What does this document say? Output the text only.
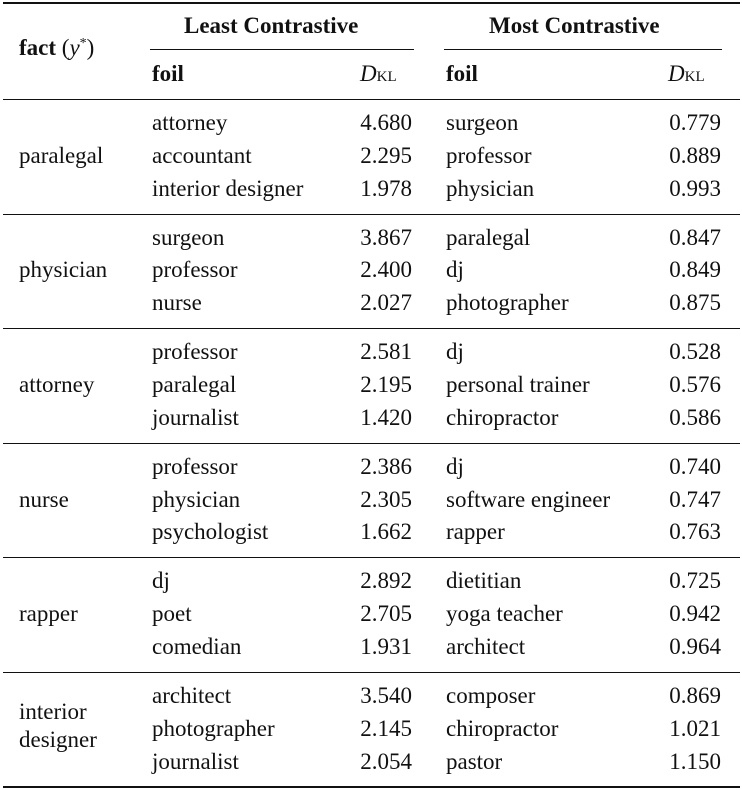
fact (y*)
Least Contrastive	Most Contrastive
foil	DKL foil	DKL
paralegal
attorney	4.680 surgeon	0.779
accountant	2.295 professor	0.889
interior designer	1.978 physician	0.993
physician
surgeon	3.867 paralegal	0.847
professor	2.400 dj	0.849
nurse	2.027 photographer	0.875
attorney
professor	2.581 dj	0.528
paralegal	2.195 personal trainer	0.576
journalist	1.420 chiropractor	0.586
nurse
professor	2.386 dj	0.740
physician	2.305 software engineer	0.747
psychologist	1.662 rapper	0.763
rapper
dj	2.892 dietitian	0.725
poet	2.705 yoga teacher	0.942
comedian	1.931 architect	0.964
interior
designer
architect	3.540 composer	0.869
photographer	2.145 chiropractor	1.021
journalist	2.054 pastor	1.150
